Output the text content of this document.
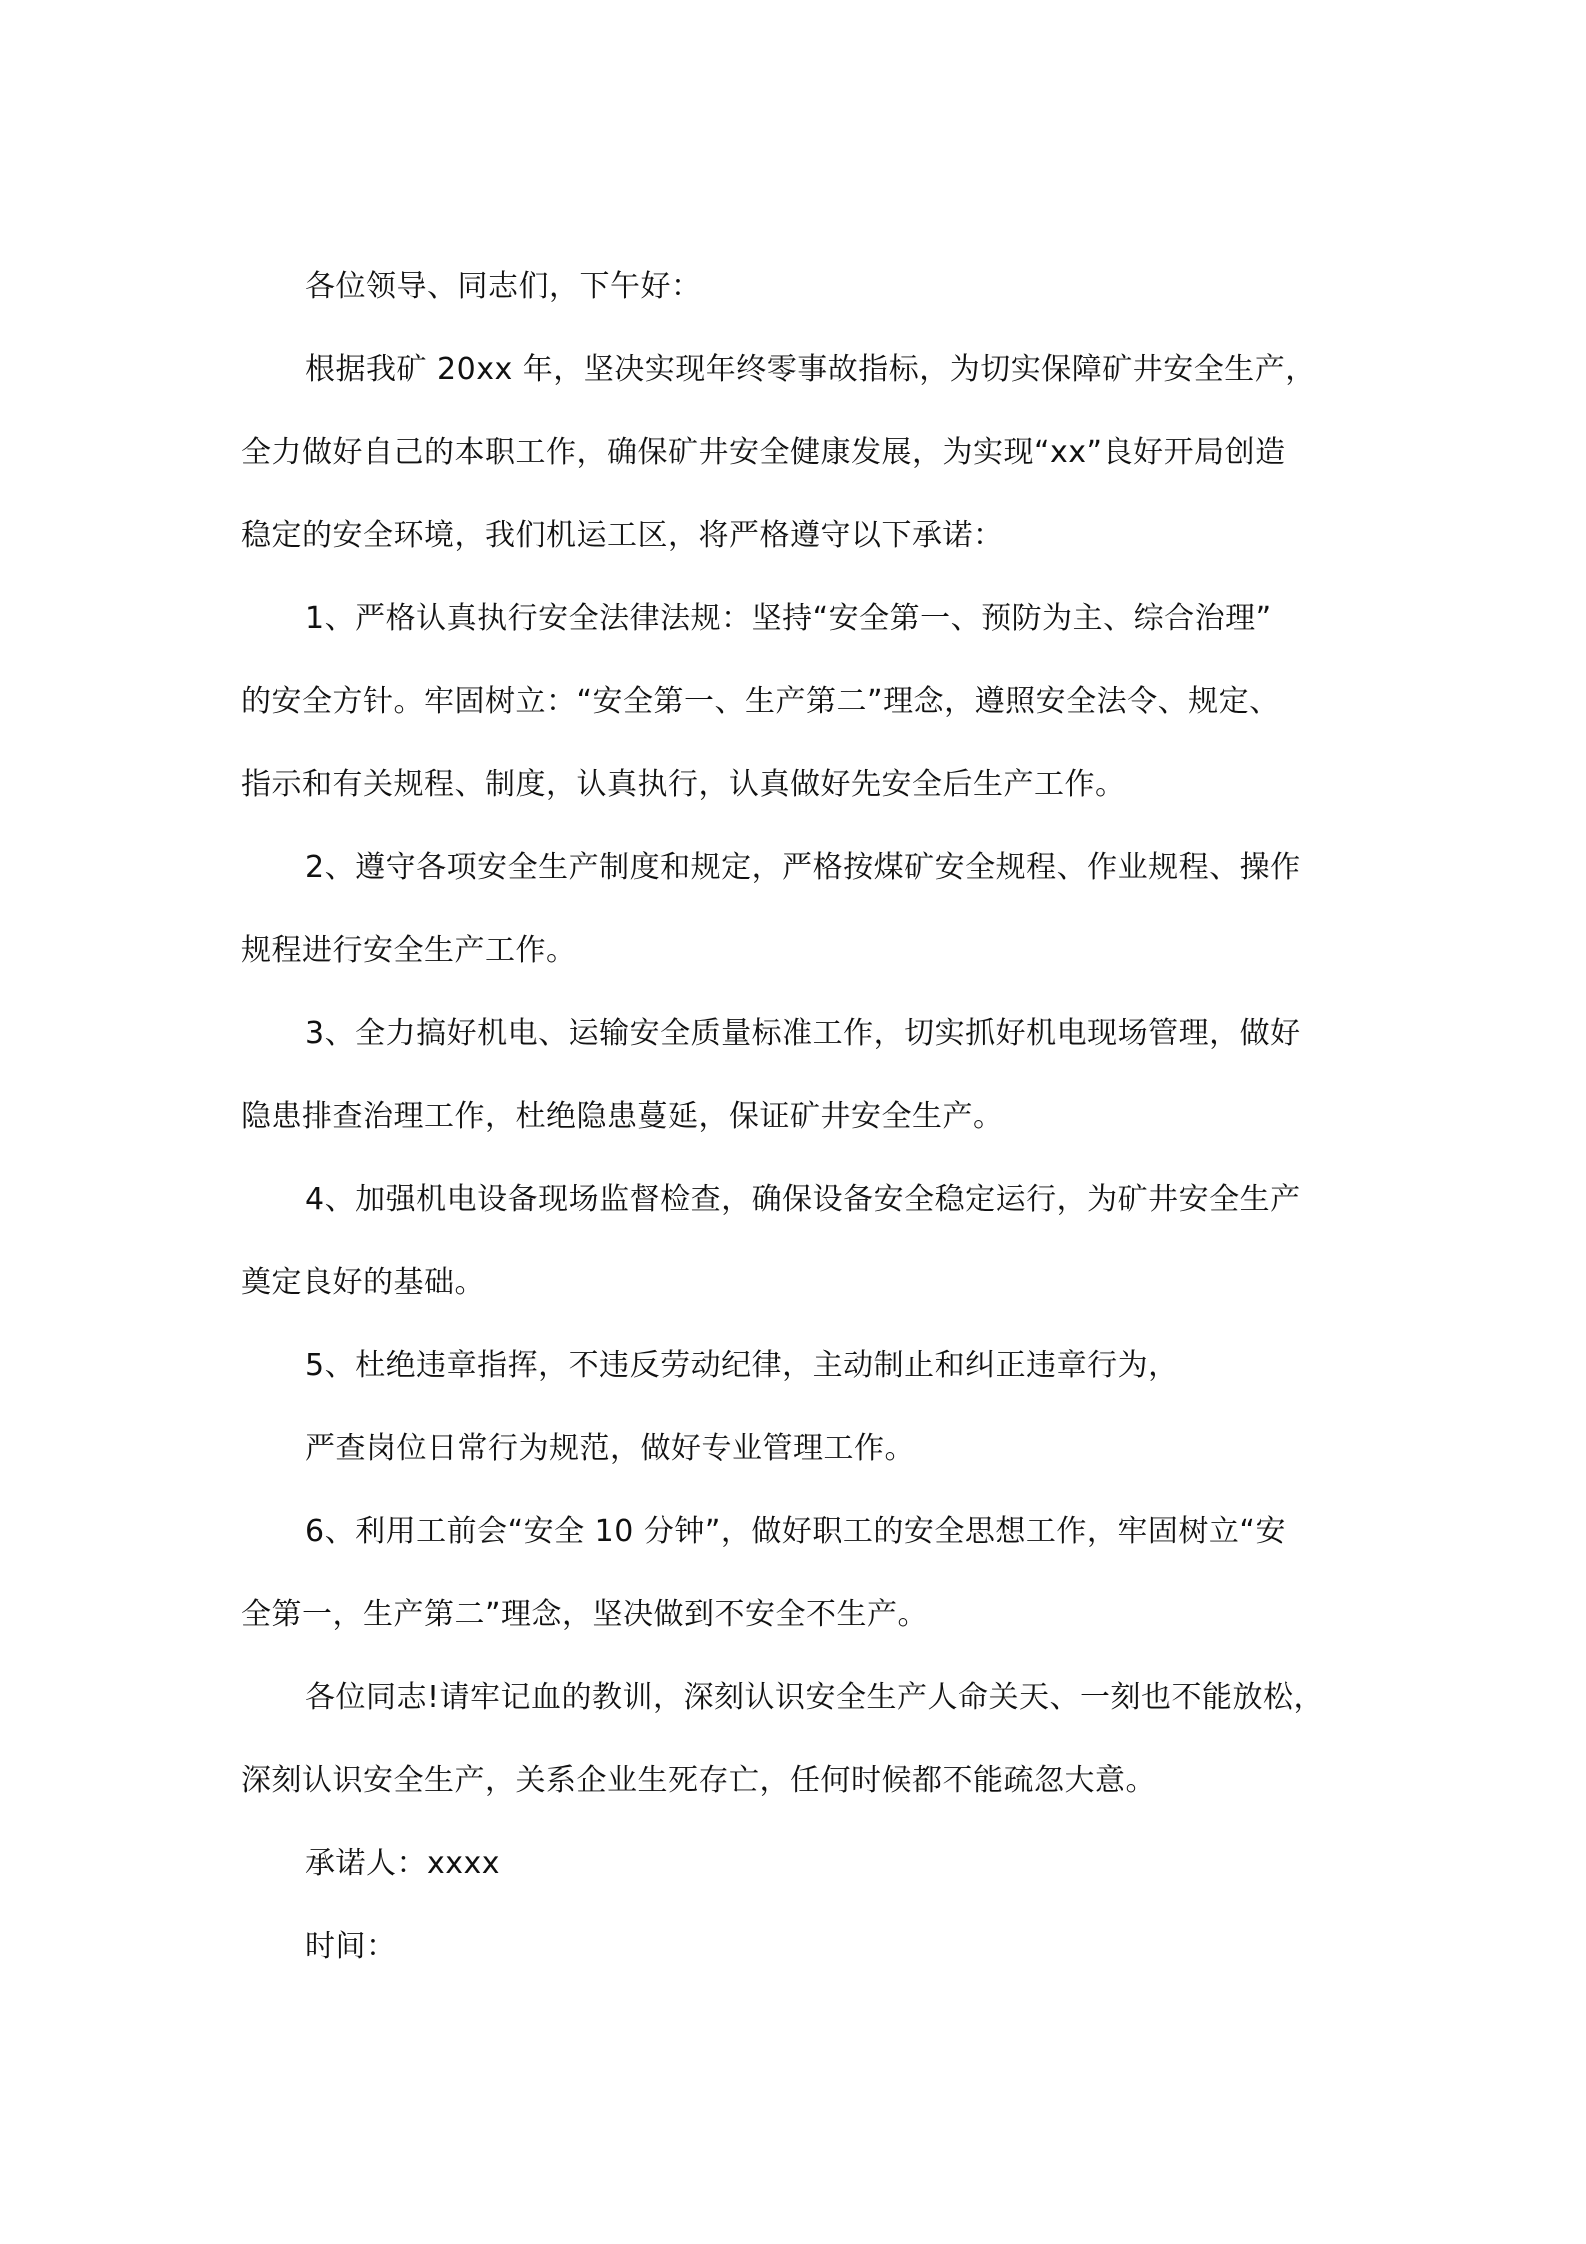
各位领导、同志们，下午好：

根据我矿 20xx 年，坚决实现年终零事故指标，为切实保障矿井安全生产，
全力做好自己的本职工作，确保矿井安全健康发展，为实现“xx”良好开局创造
稳定的安全环境，我们机运工区，将严格遵守以下承诺：

1、严格认真执行安全法律法规：坚持“安全第一、预防为主、综合治理”
的安全方针。牢固树立：“安全第一、生产第二”理念，遵照安全法令、规定、
指示和有关规程、制度，认真执行，认真做好先安全后生产工作。

2、遵守各项安全生产制度和规定，严格按煤矿安全规程、作业规程、操作
规程进行安全生产工作。

3、全力搞好机电、运输安全质量标准工作，切实抓好机电现场管理，做好
隐患排查治理工作，杜绝隐患蔓延，保证矿井安全生产。

4、加强机电设备现场监督检查，确保设备安全稳定运行，为矿井安全生产
奠定良好的基础。

5、杜绝违章指挥，不违反劳动纪律，主动制止和纠正违章行为，

严查岗位日常行为规范，做好专业管理工作。

6、利用工前会“安全 10 分钟”，做好职工的安全思想工作，牢固树立“安
全第一，生产第二”理念，坚决做到不安全不生产。

各位同志!请牢记血的教训，深刻认识安全生产人命关天、一刻也不能放松，
深刻认识安全生产，关系企业生死存亡，任何时候都不能疏忽大意。

承诺人：xxxx

时间：
